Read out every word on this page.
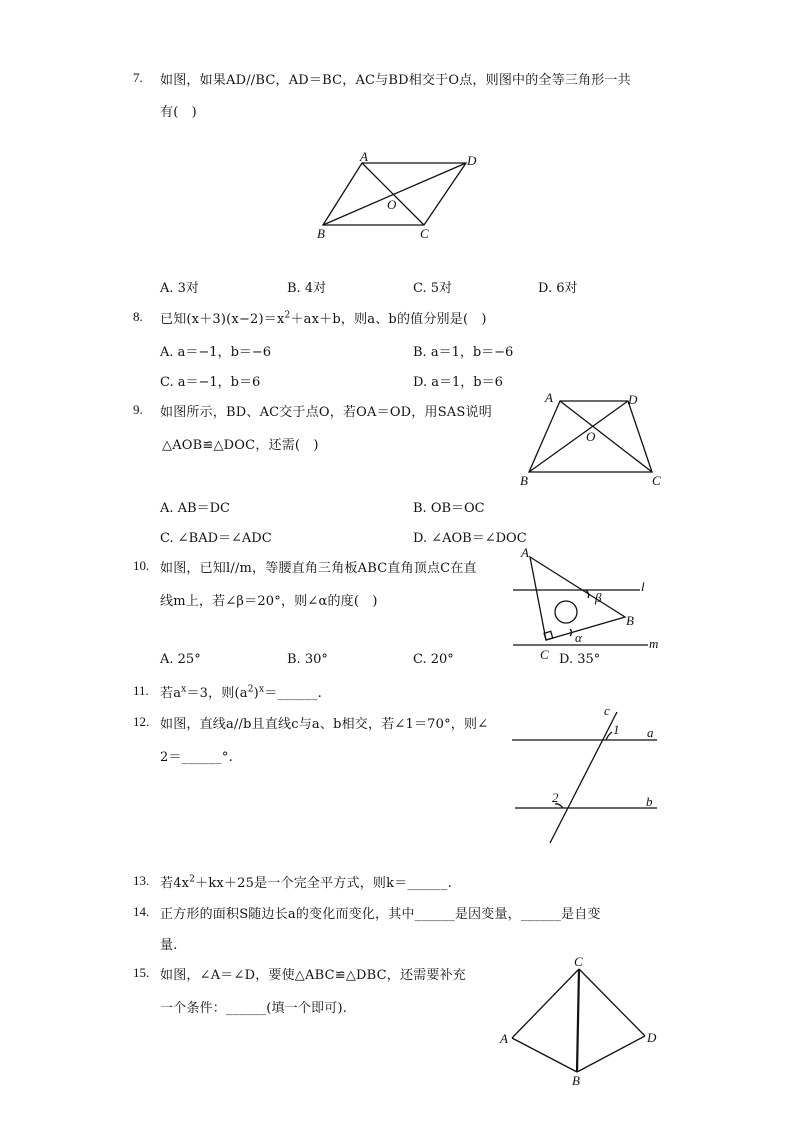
7. 如图，如果AD//BC，AD＝BC，AC与BD相交于O点，则图中的全等三角形一共
有(　)
A	D
O
B	C
A. 3对	B. 4对	C. 5对	D. 6对
8. 已知$(x+3)(x-2)=x^2+ax+b$，则a、b的值分别是(　)
A. a＝−1，b＝−6	B. a＝1，b＝−6
C. a＝−1，b＝6	D. a＝1，b＝6
9. 如图所示，BD、AC交于点O，若OA＝OD，用SAS说明
△AOB≌△DOC，还需(　)
A	D
O
B	C
A. AB＝DC	B. OB＝OC
C. ∠BAD＝∠ADC	D. ∠AOB＝∠DOC
10. 如图，已知l//m，等腰直角三角板ABC直角顶点C在直
线m上，若∠β＝20°，则∠α的度(　)
A
l
β
B
α	m
C
A. 25°	B. 30°	C. 20°	D. 35°
11. 若$a^x=3$，则$(a^2)^x=\_\_\_\_\_\_$.
12. 如图，直线a//b且直线c与a、b相交，若∠1＝70°，则∠
2＝______°.
c
1 a
2	b
13. 若$4x^2+kx+25$是一个完全平方式，则k＝______.
14. 正方形的面积S随边长a的变化而变化，其中______是因变量，______是自变
量.
15. 如图，∠A＝∠D，要使△ABC≌△DBC，还需要补充
一个条件：______(填一个即可).
C
A	D
B
